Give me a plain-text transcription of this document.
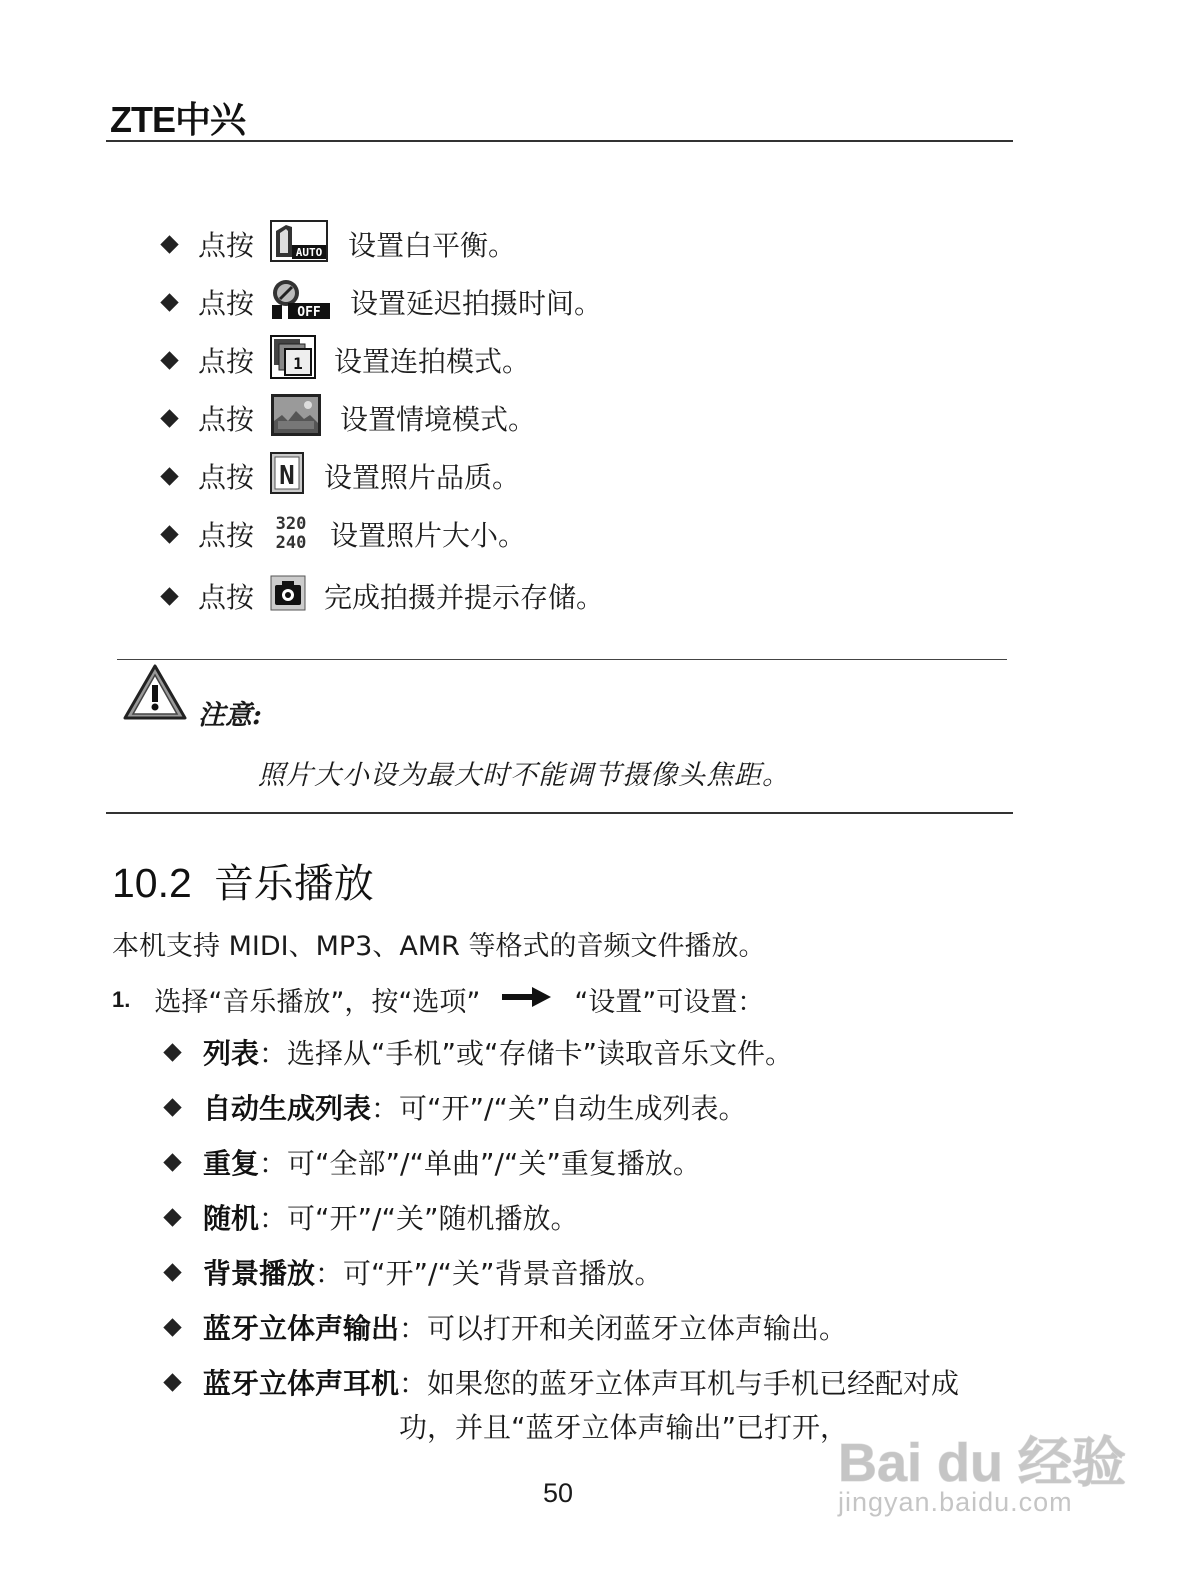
ZTE中兴
点按	AUTO 设置白平衡。
点按	OFF 设置延迟拍摄时间。
点按 1 设置连拍模式。
点按	设置情境模式。
点按 N 设置照片品质。
点按 320
240 设置照片大小。
点按	完成拍摄并提示存储。
注意:
照片大小设为最大时不能调节摄像头焦距。
10.2 音乐播放
本机支持 MIDI、MP3、AMR 等格式的音频文件播放。
1. 选择“音乐播放”，按“选项”	“设置”可设置：
列表 ：选择从“手机”或“存储卡”读取音乐文件。
自动生成列表 ：可“开”/“关”自动生成列表。
重复 ：可“全部”/“单曲”/“关”重复播放。
随机 ：可“开”/“关”随机播放。
背景播放 ：可“开”/“关”背景音播放。
蓝牙立体声输出 ：可以打开和关闭蓝牙立体声输出。
蓝牙立体声耳机 ：如果您的蓝牙立体声耳机与手机已经配对成功，并且“蓝牙立体声输出”已打开，
50	Bai du 经验
jingyan.baidu.com
